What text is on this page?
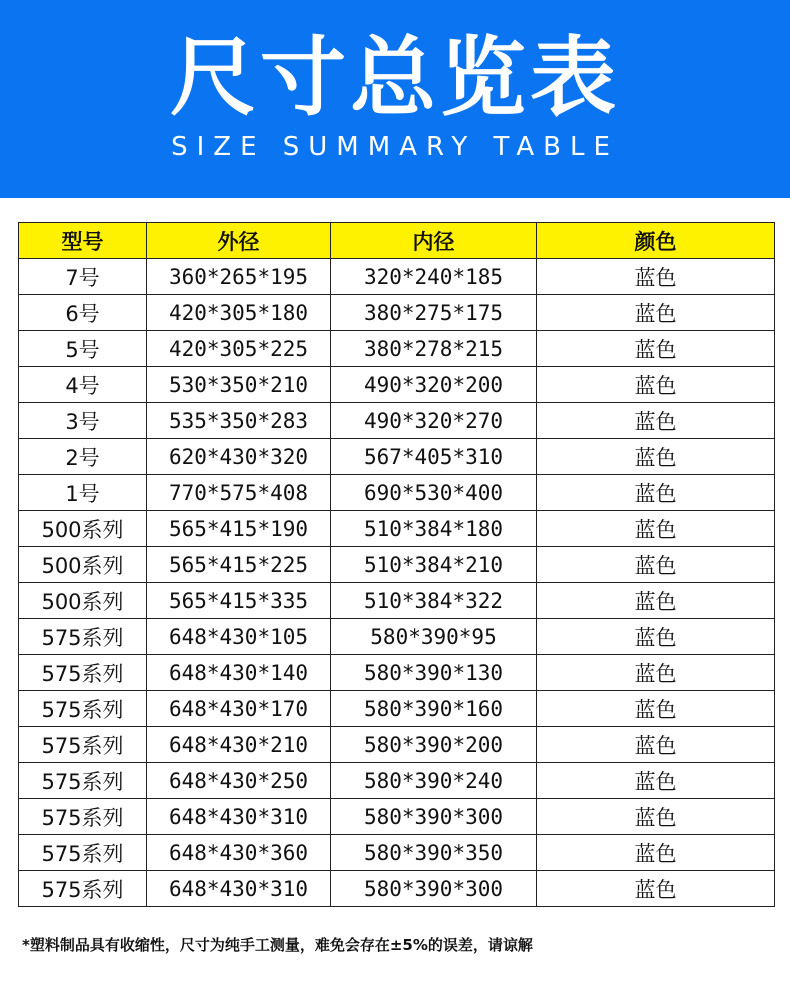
尺寸总览表
SIZE SUMMARY TABLE
型号	外径	内径	颜色
7号	360*265*195	320*240*185	蓝色
6号	420*305*180	380*275*175	蓝色
5号	420*305*225	380*278*215	蓝色
4号	530*350*210	490*320*200	蓝色
3号	535*350*283	490*320*270	蓝色
2号	620*430*320	567*405*310	蓝色
1号	770*575*408	690*530*400	蓝色
500系列	565*415*190	510*384*180	蓝色
500系列	565*415*225	510*384*210	蓝色
500系列	565*415*335	510*384*322	蓝色
575系列	648*430*105	580*390*95	蓝色
575系列	648*430*140	580*390*130	蓝色
575系列	648*430*170	580*390*160	蓝色
575系列	648*430*210	580*390*200	蓝色
575系列	648*430*250	580*390*240	蓝色
575系列	648*430*310	580*390*300	蓝色
575系列	648*430*360	580*390*350	蓝色
575系列	648*430*310	580*390*300	蓝色
*塑料制品具有收缩性，尺寸为纯手工测量，难免会存在±5%的误差，请谅解
